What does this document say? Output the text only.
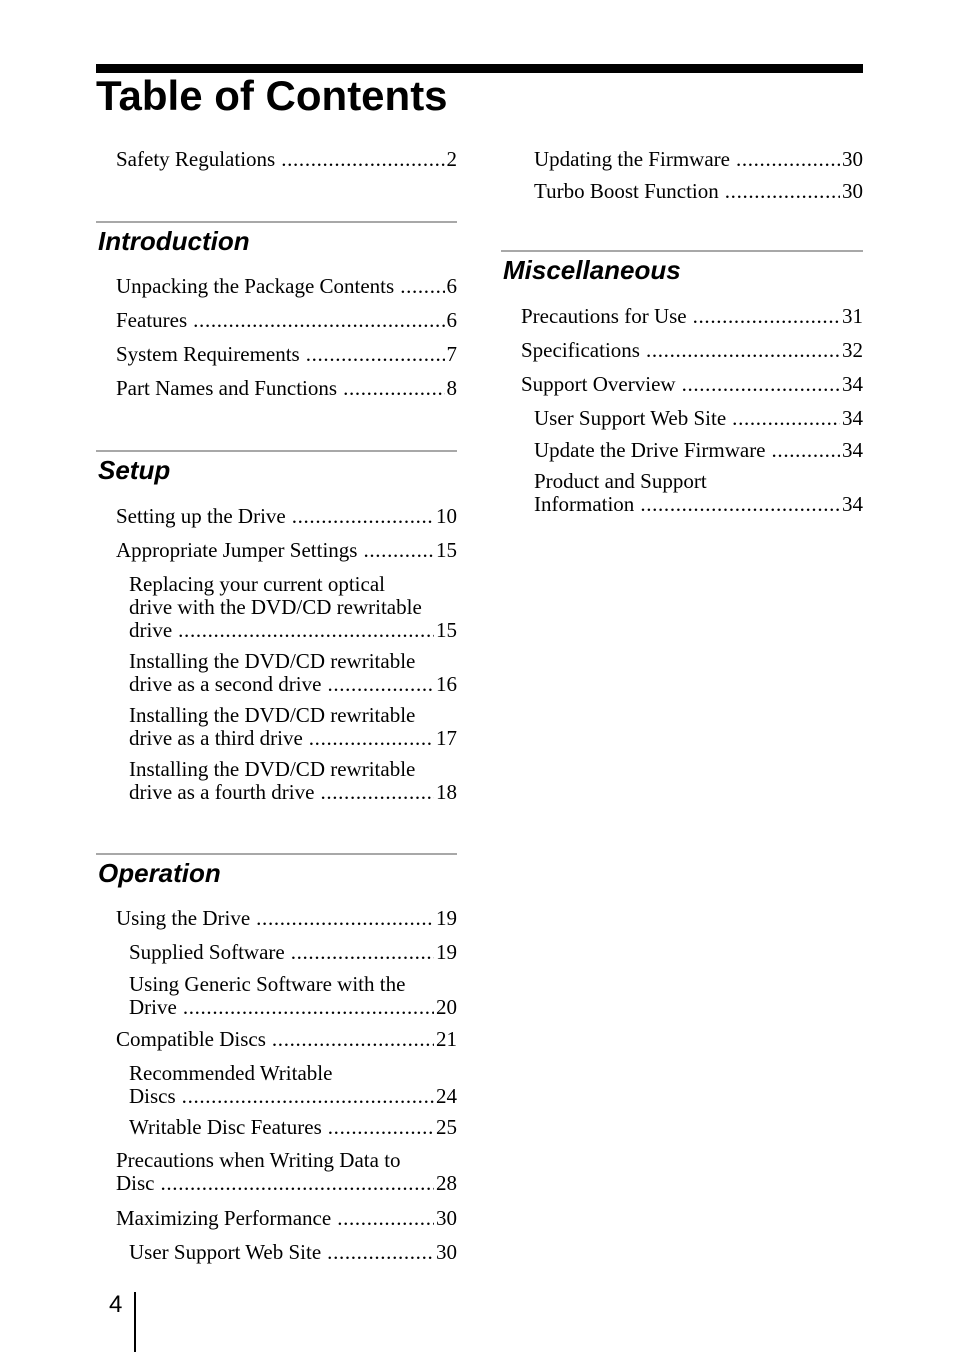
Table of Contents
Safety Regulations . . .	2
Introduction
Unpacking the Package Contents . . . 6
Features . . .	6
System Requirements . . .	7
Part Names and Functions . . .	8
Setup
Setting up the Drive . . .	10
Appropriate Jumper Settings . . .	15
Replacing your current optical
drive with the DVD/CD rewritable
drive . . .	15
Installing the DVD/CD rewritable
drive as a second drive . . .	16
Installing the DVD/CD rewritable
drive as a third drive . . .	17
Installing the DVD/CD rewritable
drive as a fourth drive . . .	18
Operation
Using the Drive . . .	19
Supplied Software . . .	19
Using Generic Software with the
Drive . . .	20
Compatible Discs . . .	21
Recommended Writable
Discs . . .	24
Writable Disc Features . . .	25
Precautions when Writing Data to
Disc . . .	28
Maximizing Performance . . .	30
User Support Web Site . . .	30
Updating the Firmware . . .	30
Turbo Boost Function . . .	30
Miscellaneous
Precautions for Use . . .	31
Specifications . . .	32
Support Overview . . .	34
User Support Web Site . . .	34
Update the Drive Firmware . . .	34
Product and Support
Information . . .	34
4
